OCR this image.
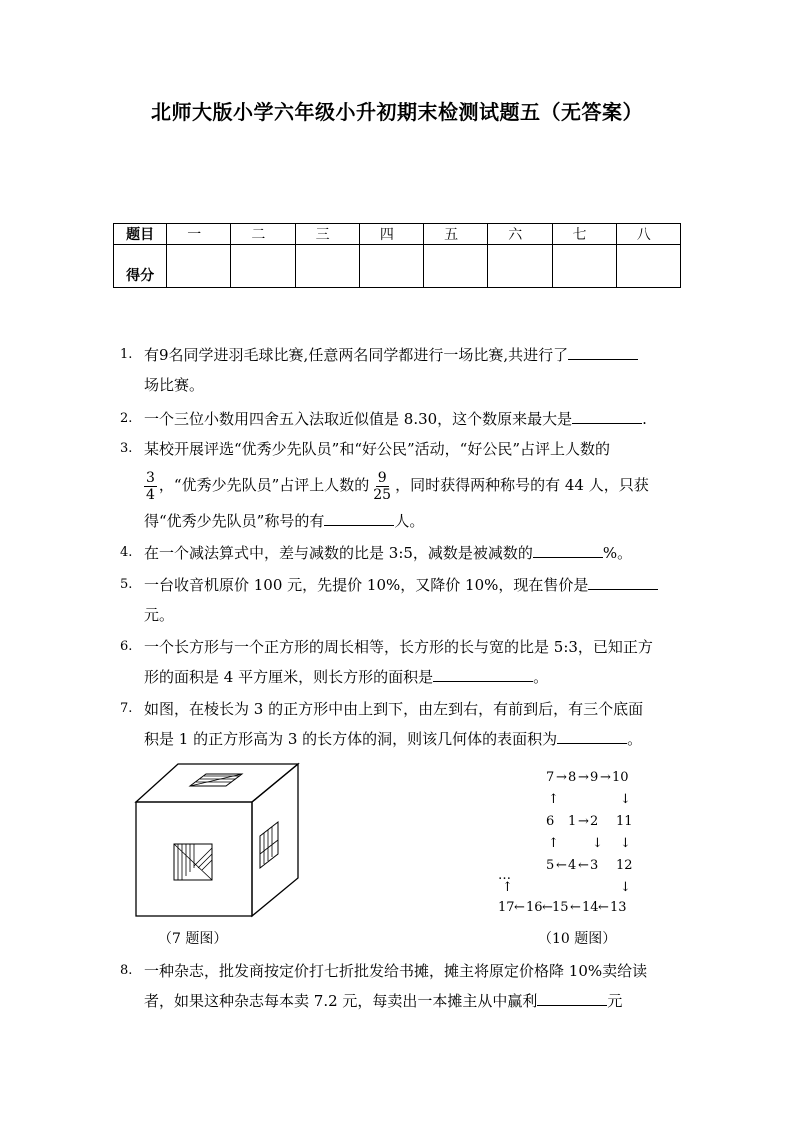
北师大版小学六年级小升初期末检测试题五（无答案）
题目	一	二	三	四	五	六	七	八
得分								
1. 有9名同学进羽毛球比赛,任意两名同学都进行一场比赛,共进行了
场比赛。
2. 一个三位小数用四舍五入法取近似值是 8.30，这个数原来最大是	.
3. 某校开展评选“优秀少先队员”和“好公民”活动，“好公民”占评上人数的
$\frac{3}{4}$ ，“优秀少先队员”占评上人数的 $\frac{9}{25}$ ，同时获得两种称号的有 44 人，只获
得“优秀少先队员”称号的有	人。
4. 在一个减法算式中，差与减数的比是 3:5，减数是被减数的	%。
5. 一台收音机原价 100 元，先提价 10%，又降价 10%，现在售价是
元。
6. 一个长方形与一个正方形的周长相等，长方形的长与宽的比是 5:3，已知正方
形的面积是 4 平方厘米，则长方形的面积是	。
7. 如图，在棱长为 3 的正方形中由上到下，由左到右，有前到后，有三个底面
积是 1 的正方形高为 3 的长方体的洞，则该几何体的表面积为	。
（7 题图）
7 → 8 → 9 → 10
↑	↓
6 1 → 2 11
↑	↓ ↓
5 ← 4 ← 3 12
…
↑	↓
17 ← 16 ← 15 ← 14 ← 13
（10 题图）
8. 一种杂志，批发商按定价打七折批发给书摊，摊主将原定价格降 10%卖给读
者，如果这种杂志每本卖 7.2 元，每卖出一本摊主从中赢利	元
